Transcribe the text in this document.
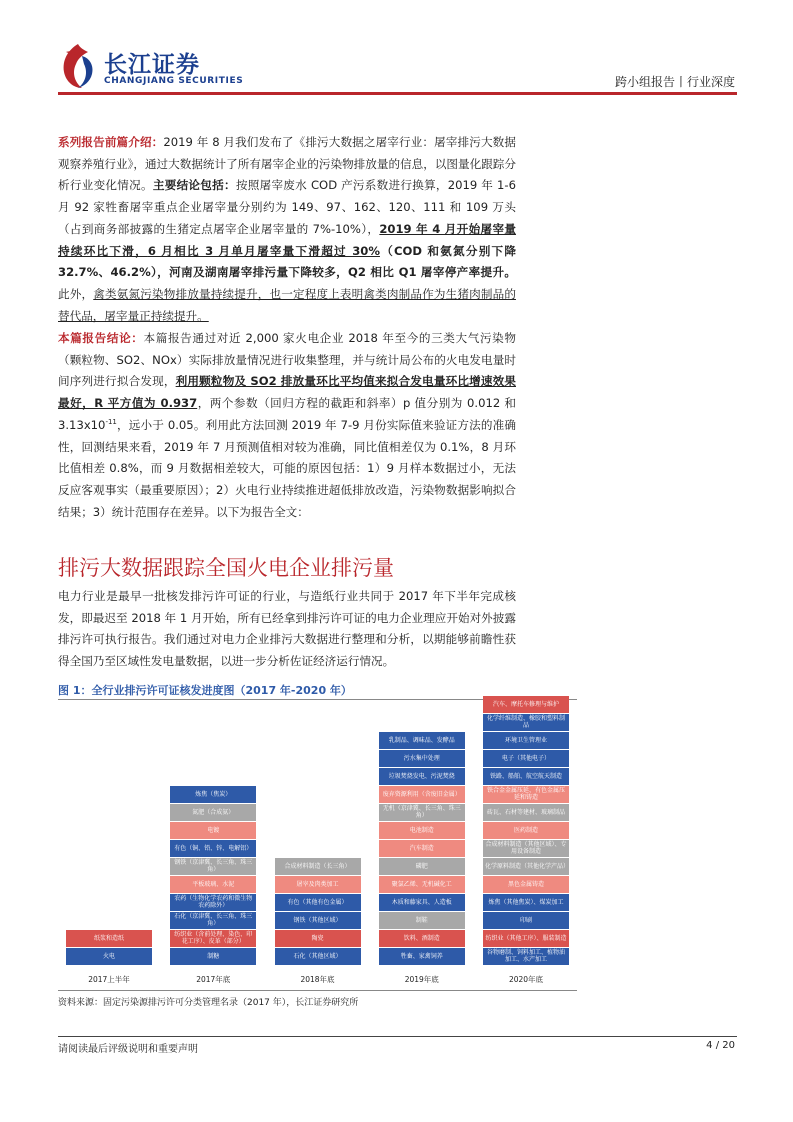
长江证券
CHANGJIANG SECURITIES	跨小组报告丨行业深度
系列报告前篇介绍：2019 年 8 月我们发布了《排污大数据之屠宰行业：屠宰排污大数据观察养殖行业》，通过大数据统计了所有屠宰企业的污染物排放量的信息，以图量化跟踪分析行业变化情况。主要结论包括：按照屠宰废水 COD 产污系数进行换算，2019 年 1-6 月 92 家牲畜屠宰重点企业屠宰量分别约为 149、97、162、120、111 和 109 万头（占到商务部披露的生猪定点屠宰企业屠宰量的 7%-10%），2019 年 4 月开始屠宰量持续环比下滑，6 月相比 3 月单月屠宰量下滑超过 30%（COD 和氨氮分别下降 32.7%、46.2%），河南及湖南屠宰排污量下降较多，Q2 相比 Q1 屠宰停产率提升。此外，禽类氨氮污染物排放量持续提升，也一定程度上表明禽类肉制品作为生猪肉制品的替代品，屠宰量正持续提升。
本篇报告结论：本篇报告通过对近 2,000 家火电企业 2018 年至今的三类大气污染物（颗粒物、SO2、NOx）实际排放量情况进行收集整理，并与统计局公布的火电发电量时间序列进行拟合发现，利用颗粒物及 SO2 排放量环比平均值来拟合发电量环比增速效果最好，R 平方值为 0.937，两个参数（回归方程的截距和斜率）p 值分别为 0.012 和 $3.13x10^{-11}$，远小于 0.05。利用此方法回测 2019 年 7-9 月份实际值来验证方法的准确性，回测结果来看，2019 年 7 月预测值相对较为准确，同比值相差仅为 0.1%，8 月环比值相差 0.8%，而 9 月数据相差较大，可能的原因包括：1）9 月样本数据过小，无法反应客观事实（最重要原因）；2）火电行业持续推进超低排放改造，污染物数据影响拟合结果；3）统计范围存在差异。以下为报告全文：
排污大数据跟踪全国火电企业排污量
电力行业是最早一批核发排污许可证的行业，与造纸行业共同于 2017 年下半年完成核发，即最迟至 2018 年 1 月开始，所有已经拿到排污许可证的电力企业理应开始对外披露排污许可执行报告。我们通过对电力企业排污大数据进行整理和分析，以期能够前瞻性获得全国乃至区域性发电量数据，以进一步分析佐证经济运行情况。
图 1：全行业排污许可证核发进度图（2017 年-2020 年）
火电
纸浆和造纸
2017上半年
制糖
纺织业（含前处理、染色、印花工序）、皮革（部分）
石化（京津冀、长三角、珠三角）
农药（生物化学农药和微生物农药除外）
平板玻璃、水泥
钢铁（京津冀、长三角、珠三角）
有色（铜、铅、锌、电解铝）
电镀
氮肥（合成氨）
炼焦（焦炭）
2017年底
石化（其他区域）
陶瓷
钢铁（其他区域）
有色（其他有色金属）
屠宰及肉类加工
合成材料制造（长三角）
2018年底
牲畜、家禽饲养
饮料、酒制造
制鞋
木质和藤家具、人造板
聚氯乙烯、无机碱化工
磷肥
汽车制造
电池制造
无机（京津冀、长三角、珠三角）
废弃资源利用（含废旧金属）
垃圾焚烧发电、污泥焚烧
污水集中处理
乳制品、调味品、发酵品
2019年底
谷物磨制、饲料加工、植物油加工、水产加工
纺织业（其他工序）、服装制造
印刷
炼焦（其他焦炭）、煤炭加工
黑色金属铸造
化学原料制造（其他化学产品）
合成材料制造（其他区域）、专用设备制造
医药制造
砖瓦、石材等建材、玻璃制品
铁合金金属压延、有色金属压延和铸造
铁路、船舶、航空航天制造
电子（其他电子）
环境卫生管理业
化学纤维制造、橡胶和塑料制品
汽车、摩托车修理与维护
2020年底
资料来源：固定污染源排污许可分类管理名录（2017 年），长江证券研究所
请阅读最后评级说明和重要声明	4 / 20
